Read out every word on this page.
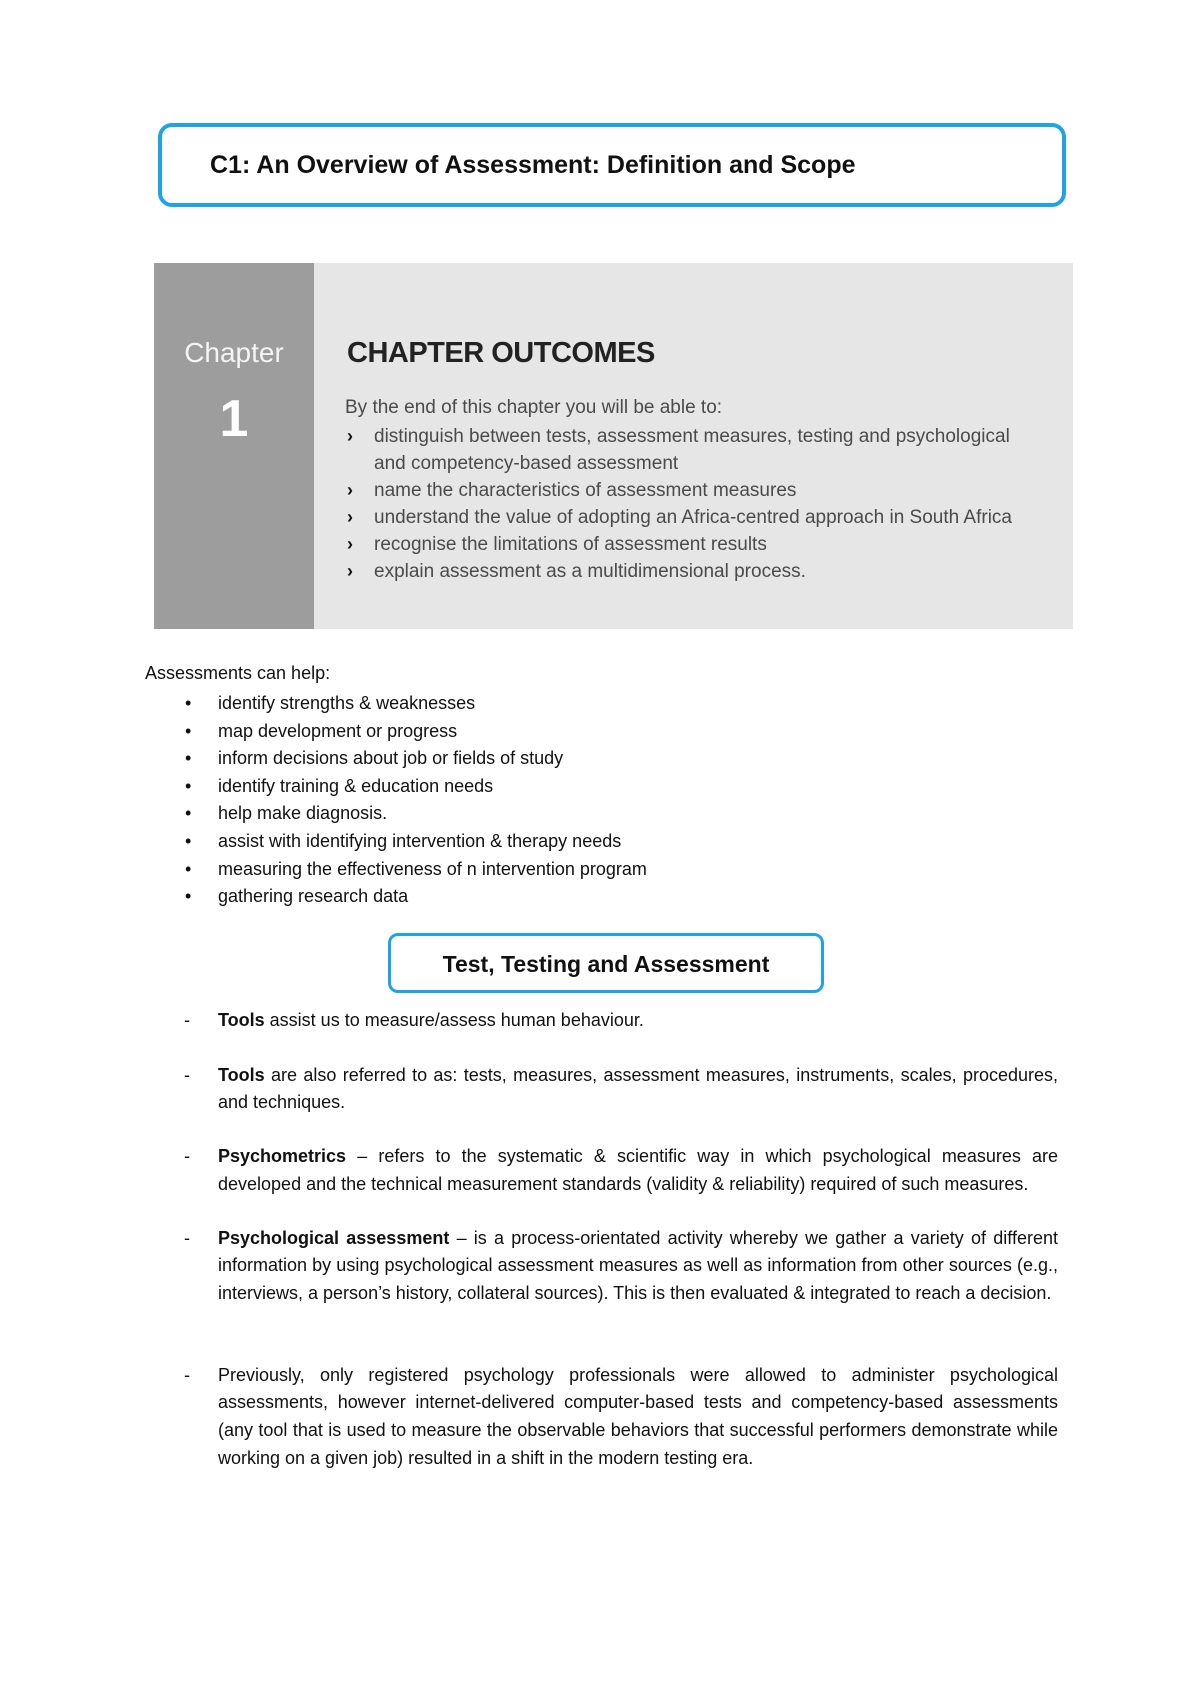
C1: An Overview of Assessment: Definition and Scope
Chapter
1
CHAPTER OUTCOMES
By the end of this chapter you will be able to:
› distinguish between tests, assessment measures, testing and psychological and competency-based assessment
› name the characteristics of assessment measures
› understand the value of adopting an Africa-centred approach in South Africa
› recognise the limitations of assessment results
› explain assessment as a multidimensional process.
Assessments can help:
• identify strengths & weaknesses
• map development or progress
• inform decisions about job or fields of study
• identify training & education needs
• help make diagnosis.
• assist with identifying intervention & therapy needs
• measuring the effectiveness of n intervention program
• gathering research data
Test, Testing and Assessment
- Tools assist us to measure/assess human behaviour.
- Tools are also referred to as: tests, measures, assessment measures, instruments, scales, procedures, and techniques.
- Psychometrics – refers to the systematic & scientific way in which psychological measures are developed and the technical measurement standards (validity & reliability) required of such measures.
- Psychological assessment – is a process-orientated activity whereby we gather a variety of different information by using psychological assessment measures as well as information from other sources (e.g., interviews, a person’s history, collateral sources). This is then evaluated & integrated to reach a decision.
- Previously, only registered psychology professionals were allowed to administer psychological assessments, however internet-delivered computer-based tests and competency-based assessments (any tool that is used to measure the observable behaviors that successful performers demonstrate while working on a given job) resulted in a shift in the modern testing era.
